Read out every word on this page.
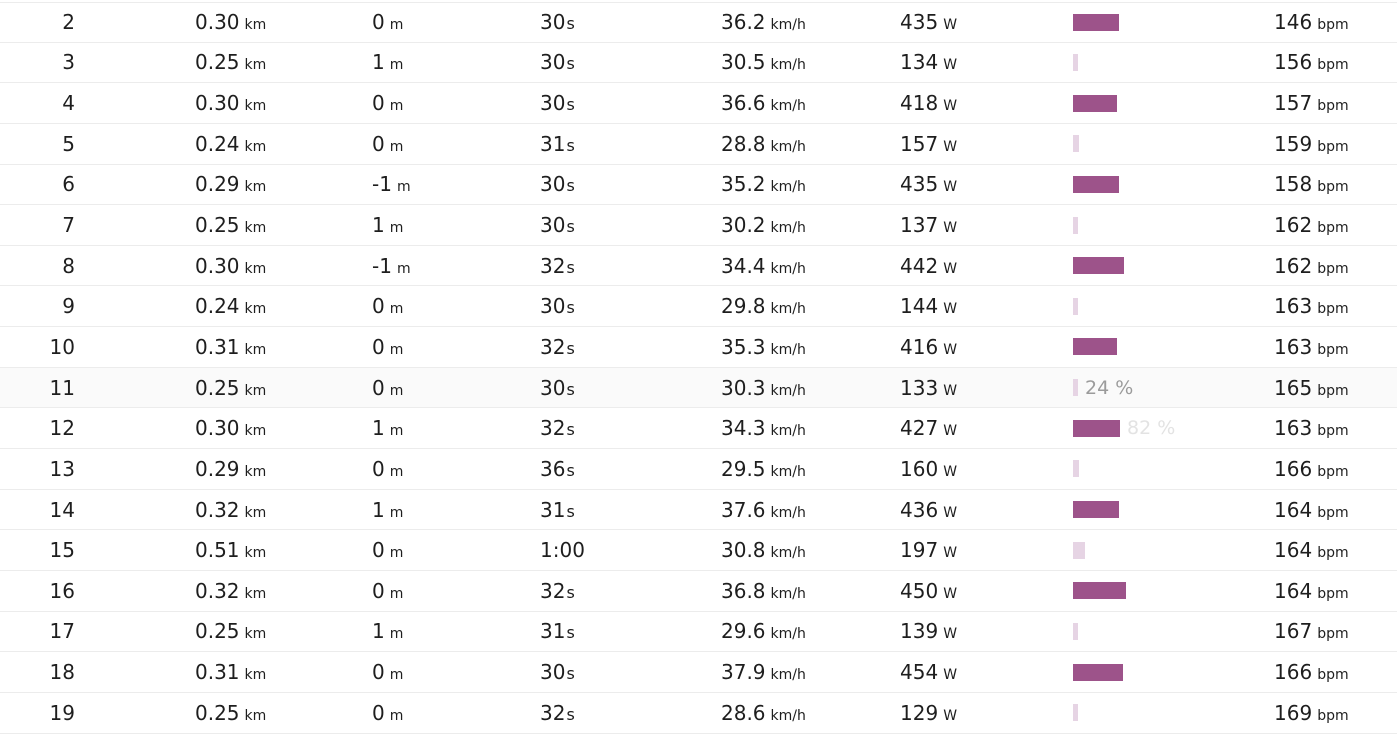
2	0.30 km	0 m	30s	36.2 km/h	435 W	146 bpm
3	0.25 km	1 m	30s	30.5 km/h	134 W	156 bpm
4	0.30 km	0 m	30s	36.6 km/h	418 W	157 bpm
5	0.24 km	0 m	31s	28.8 km/h	157 W	159 bpm
6	0.29 km	-1 m	30s	35.2 km/h	435 W	158 bpm
7	0.25 km	1 m	30s	30.2 km/h	137 W	162 bpm
8	0.30 km	-1 m	32s	34.4 km/h	442 W	162 bpm
9	0.24 km	0 m	30s	29.8 km/h	144 W	163 bpm
10	0.31 km	0 m	32s	35.3 km/h	416 W	163 bpm
11	0.25 km	0 m	30s	30.3 km/h	133 W	24 %	165 bpm
12	0.30 km	1 m	32s	34.3 km/h	427 W	82 %	163 bpm
13	0.29 km	0 m	36s	29.5 km/h	160 W	166 bpm
14	0.32 km	1 m	31s	37.6 km/h	436 W	164 bpm
15	0.51 km	0 m	1:00	30.8 km/h	197 W	164 bpm
16	0.32 km	0 m	32s	36.8 km/h	450 W	164 bpm
17	0.25 km	1 m	31s	29.6 km/h	139 W	167 bpm
18	0.31 km	0 m	30s	37.9 km/h	454 W	166 bpm
19	0.25 km	0 m	32s	28.6 km/h	129 W	169 bpm
